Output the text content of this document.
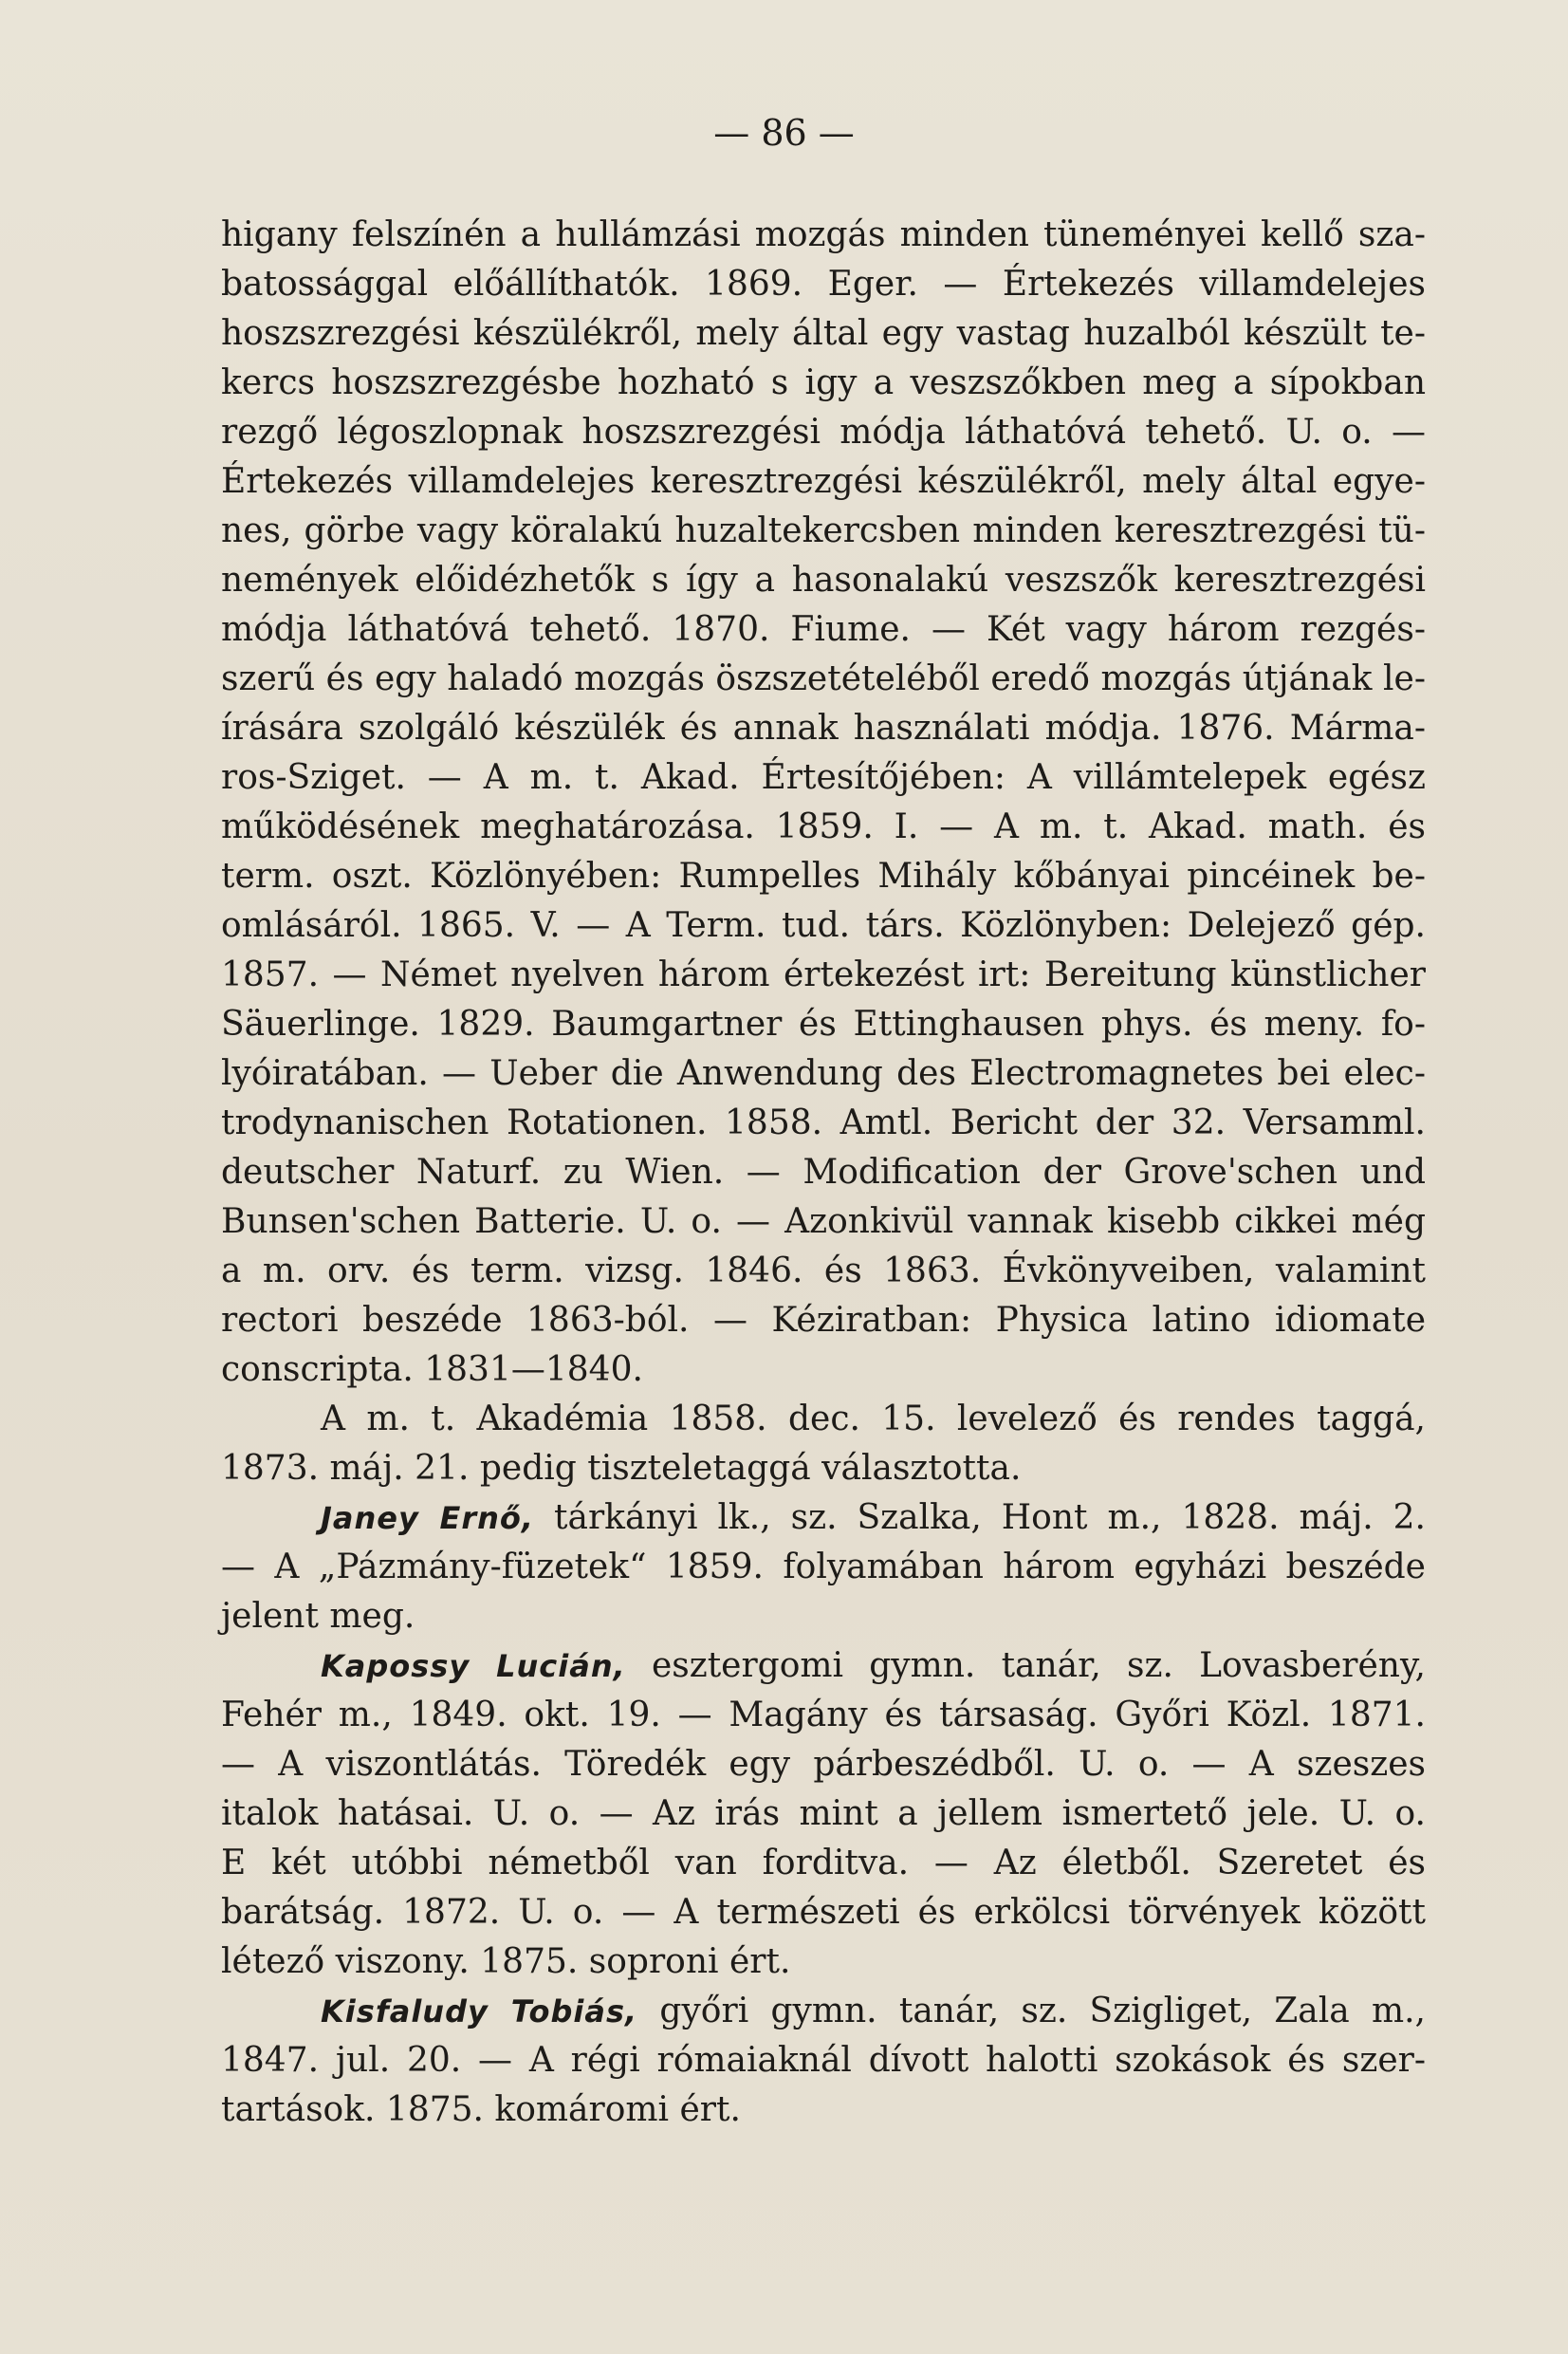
— 86 —
higany felszínén a hullámzási mozgás minden tüneményei kellő sza-
batossággal előállíthatók. 1869. Eger. — Értekezés villamdelejes
hoszszrezgési készülékről, mely által egy vastag huzalból készült te-
kercs hoszszrezgésbe hozható s igy a veszszőkben meg a sípokban
rezgő légoszlopnak hoszszrezgési módja láthatóvá tehető. U. o. —
Értekezés villamdelejes keresztrezgési készülékről, mely által egye-
nes, görbe vagy köralakú huzaltekercsben minden keresztrezgési tü-
nemények előidézhetők s így a hasonalakú veszszők keresztrezgési
módja láthatóvá tehető. 1870. Fiume. — Két vagy három rezgés-
szerű és egy haladó mozgás öszszetételéből eredő mozgás útjának le-
írására szolgáló készülék és annak használati módja. 1876. Márma-
ros-Sziget. — A m. t. Akad. Értesítőjében: A villámtelepek egész
működésének meghatározása. 1859. I. — A m. t. Akad. math. és
term. oszt. Közlönyében: Rumpelles Mihály kőbányai pincéinek be-
omlásáról. 1865. V. — A Term. tud. társ. Közlönyben: Delejező gép.
1857. — Német nyelven három értekezést irt: Bereitung künstlicher
Säuerlinge. 1829. Baumgartner és Ettinghausen phys. és meny. fo-
lyóiratában. — Ueber die Anwendung des Electromagnetes bei elec-
trodynanischen Rotationen. 1858. Amtl. Bericht der 32. Versamml.
deutscher Naturf. zu Wien. — Modification der Grove'schen und
Bunsen'schen Batterie. U. o. — Azonkivül vannak kisebb cikkei még
a m. orv. és term. vizsg. 1846. és 1863. Évkönyveiben, valamint
rectori beszéde 1863-ból. — Kéziratban: Physica latino idiomate
conscripta. 1831—1840.
A m. t. Akadémia 1858. dec. 15. levelező és rendes taggá,
1873. máj. 21. pedig tiszteletaggá választotta.
Janey Ernő, tárkányi lk., sz. Szalka, Hont m., 1828. máj. 2.
— A „Pázmány-füzetek“ 1859. folyamában három egyházi beszéde
jelent meg.
Kapossy Lucián, esztergomi gymn. tanár, sz. Lovasberény,
Fehér m., 1849. okt. 19. — Magány és társaság. Győri Közl. 1871.
— A viszontlátás. Töredék egy párbeszédből. U. o. — A szeszes
italok hatásai. U. o. — Az irás mint a jellem ismertető jele. U. o.
E két utóbbi németből van forditva. — Az életből. Szeretet és
barátság. 1872. U. o. — A természeti és erkölcsi törvények között
létező viszony. 1875. soproni ért.
Kisfaludy Tobiás, győri gymn. tanár, sz. Szigliget, Zala m.,
1847. jul. 20. — A régi rómaiaknál dívott halotti szokások és szer-
tartások. 1875. komáromi ért.
